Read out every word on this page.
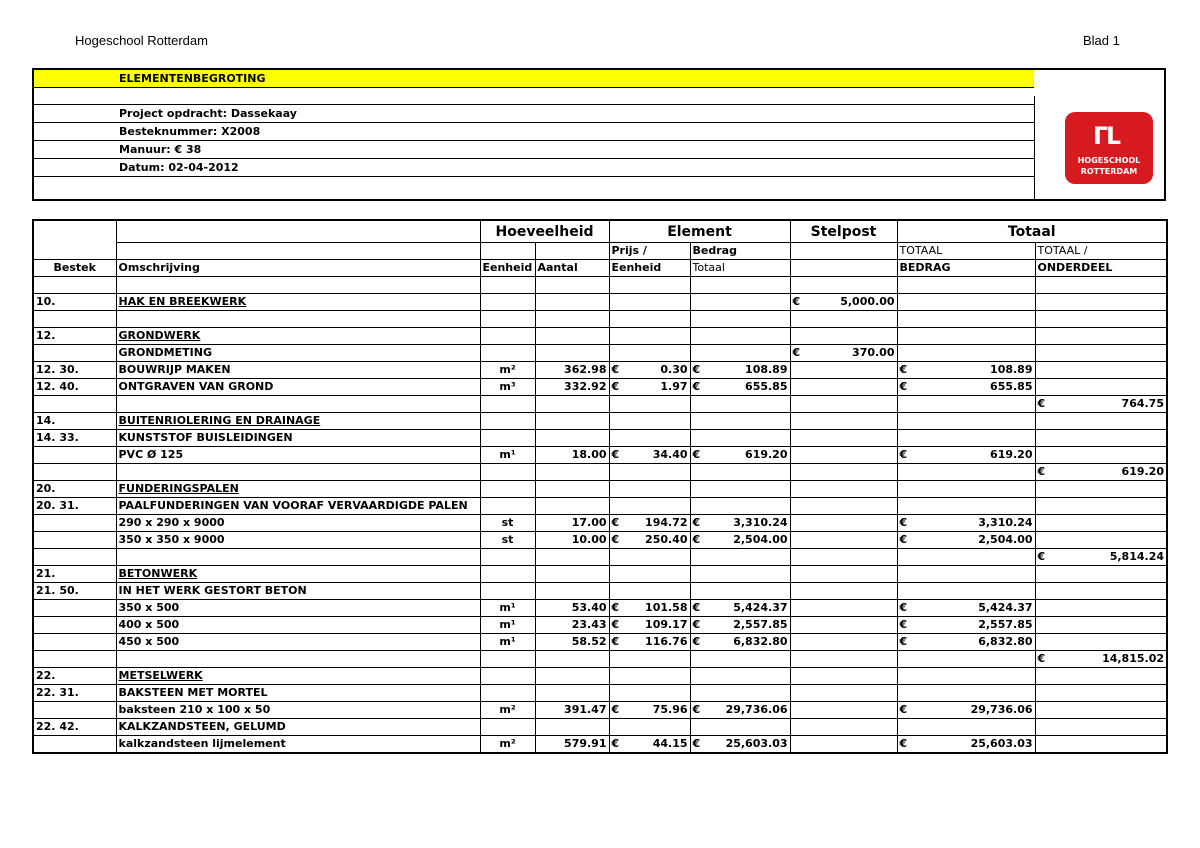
Hogeschool Rotterdam	Blad 1
	ELEMENTENBEGROTING

	Project opdracht: Dassekaay
	Besteknummer: X2008
	Manuur: € 38
	Datum: 02-04-2012
ᒥᒪ
HOGESCHOOL
ROTTERDAM
		Hoeveelheid		Element		Stelpost	Totaal	
				Prijs /	Bedrag		TOTAAL	TOTAAL /
Bestek	Omschrijving	Eenheid	Aantal	Eenheid	Totaal		BEDRAG	ONDERDEEL

10.	HAK EN BREEKWERK					€ 5,000.00		

12.	GRONDWERK							
	GRONDMETING					€ 370.00		

12. 30.	BOUWRIJP MAKEN	m²	362.98	€ 0.30	€ 108.89		€ 108.89	

12. 40.	ONTGRAVEN VAN GROND	m³	332.92	€ 1.97	€ 655.85		€ 655.85	

								€ 764.75

14.	BUITENRIOLERING EN DRAINAGE							
14. 33.	KUNSTSTOF BUISLEIDINGEN							
	PVC Ø 125	m¹	18.00	€ 34.40	€ 619.20		€ 619.20	

								€ 619.20

20.	FUNDERINGSPALEN							
20. 31.	PAALFUNDERINGEN VAN VOORAF VERVAARDIGDE PALEN							
	290 x 290 x 9000	st	17.00	€ 194.72	€ 3,310.24		€ 3,310.24	

	350 x 350 x 9000	st	10.00	€ 250.40	€ 2,504.00		€ 2,504.00	

								€ 5,814.24

21.	BETONWERK							
21. 50.	IN HET WERK GESTORT BETON							
	350 x 500	m¹	53.40	€ 101.58	€ 5,424.37		€ 5,424.37	

	400 x 500	m¹	23.43	€ 109.17	€ 2,557.85		€ 2,557.85	

	450 x 500	m¹	58.52	€ 116.76	€ 6,832.80		€ 6,832.80	

								€ 14,815.02

22.	METSELWERK							
22. 31.	BAKSTEEN MET MORTEL							
	baksteen 210 x 100 x 50	m²	391.47	€ 75.96	€ 29,736.06		€ 29,736.06	

22. 42.	KALKZANDSTEEN, GELUMD							
	kalkzandsteen lijmelement	m²	579.91	€ 44.15	€ 25,603.03		€ 25,603.03	
